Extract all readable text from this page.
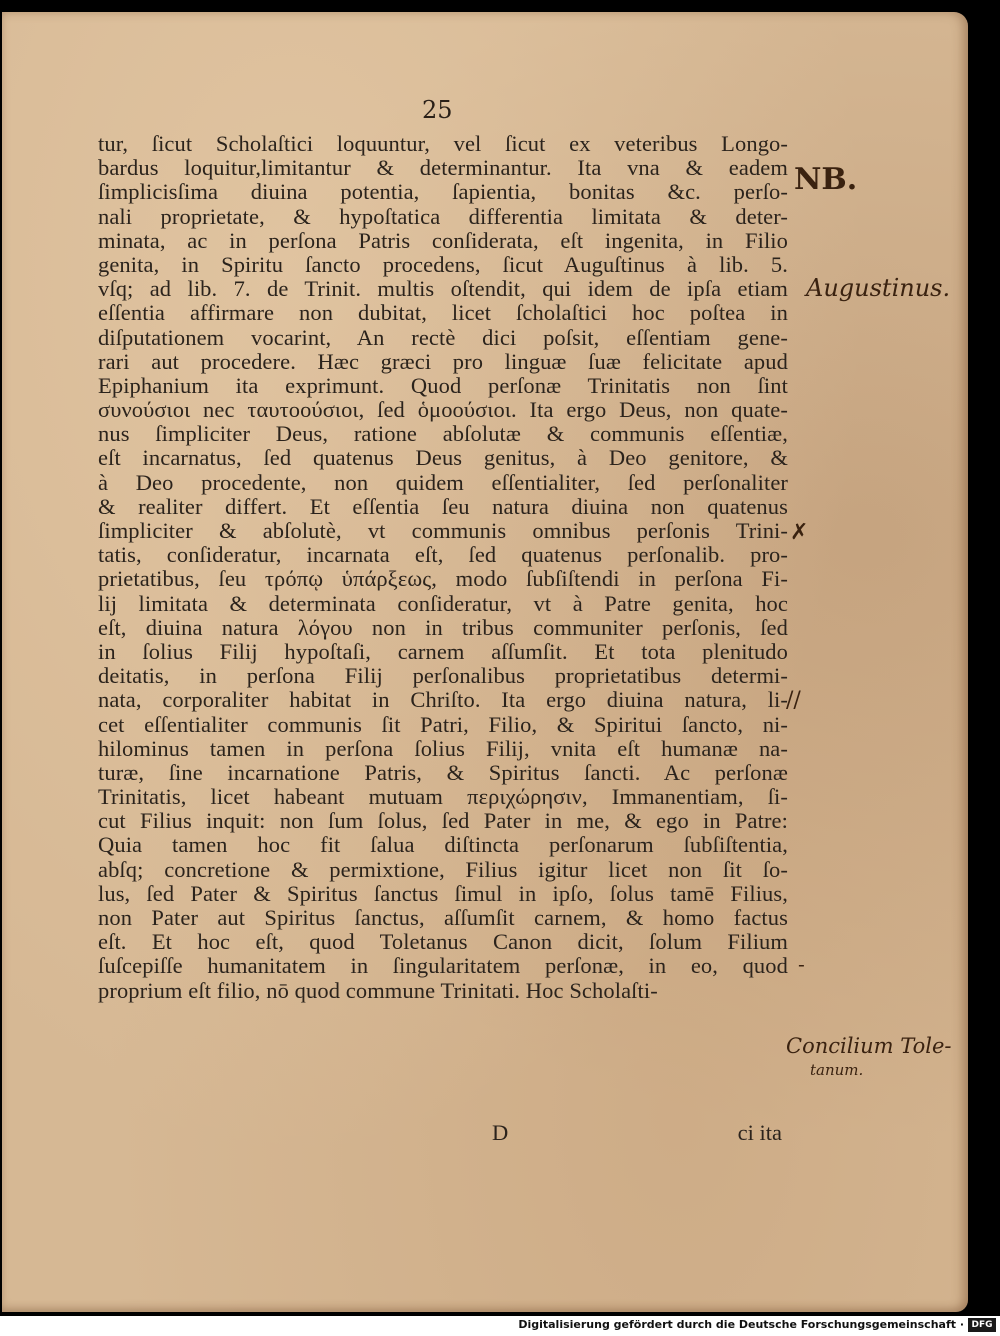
25
tur, ſicut Scholaſtici loquuntur, vel ſicut ex veteribus Longo-
bardus loquitur,limitantur & determinantur. Ita vna & eadem
ſimplicisſima diuina potentia, ſapientia, bonitas &c. perſo-
nali proprietate, & hypoſtatica differentia limitata & deter-
minata, ac in perſona Patris conſiderata, eſt ingenita, in Filio
genita, in Spiritu ſancto procedens, ſicut Auguſtinus à lib. 5.
vſq; ad lib. 7. de Trinit. multis oſtendit, qui idem de ipſa etiam
eſſentia affirmare non dubitat, licet ſcholaſtici hoc poſtea in
diſputationem vocarint, An rectè dici poſsit, eſſentiam gene-
rari aut procedere. Hæc græci pro linguæ ſuæ felicitate apud
Epiphanium ita exprimunt. Quod perſonæ Trinitatis non ſint
συνούσιοι nec ταυτοούσιοι, ſed ὁμοούσιοι. Ita ergo Deus, non quate-
nus ſimpliciter Deus, ratione abſolutæ & communis eſſentiæ,
eſt incarnatus, ſed quatenus Deus genitus, à Deo genitore, &
à Deo procedente, non quidem eſſentialiter, ſed perſonaliter
& realiter differt. Et eſſentia ſeu natura diuina non quatenus
ſimpliciter & abſolutè, vt communis omnibus perſonis Trini-
tatis, conſideratur, incarnata eſt, ſed quatenus perſonalib. pro-
prietatibus, ſeu τρόπῳ ὑπάρξεως, modo ſubſiſtendi in perſona Fi-
lij limitata & determinata conſideratur, vt à Patre genita, hoc
eſt, diuina natura λόγου non in tribus communiter perſonis, ſed
in ſolius Filij hypoſtaſi, carnem aſſumſit. Et tota plenitudo
deitatis, in perſona Filij perſonalibus proprietatibus determi-
nata, corporaliter habitat in Chriſto. Ita ergo diuina natura, li-
cet eſſentialiter communis ſit Patri, Filio, & Spiritui ſancto, ni-
hilominus tamen in perſona ſolius Filij, vnita eſt humanæ na-
turæ, ſine incarnatione Patris, & Spiritus ſancti. Ac perſonæ
Trinitatis, licet habeant mutuam περιχώρησιν, Immanentiam, ſi-
cut Filius inquit: non ſum ſolus, ſed Pater in me, & ego in Patre:
Quia tamen hoc fit ſalua diſtincta perſonarum ſubſiſtentia,
abſq; concretione & permixtione, Filius igitur licet non ſit ſo-
lus, ſed Pater & Spiritus ſanctus ſimul in ipſo, ſolus tamē Filius,
non Pater aut Spiritus ſanctus, aſſumſit carnem, & homo factus
eſt. Et hoc eſt, quod Toletanus Canon dicit, ſolum Filium
ſuſcepiſſe humanitatem in ſingularitatem perſonæ, in eo, quod
proprium eſt filio, nō quod commune Trinitati. Hoc Scholaſti-
D	ci ita
NB.
Augustinus.
✗
//
-
Concilium Tole-
tanum.
Digitalisierung gefördert durch die Deutsche Forschungsgemeinschaft · DFG
